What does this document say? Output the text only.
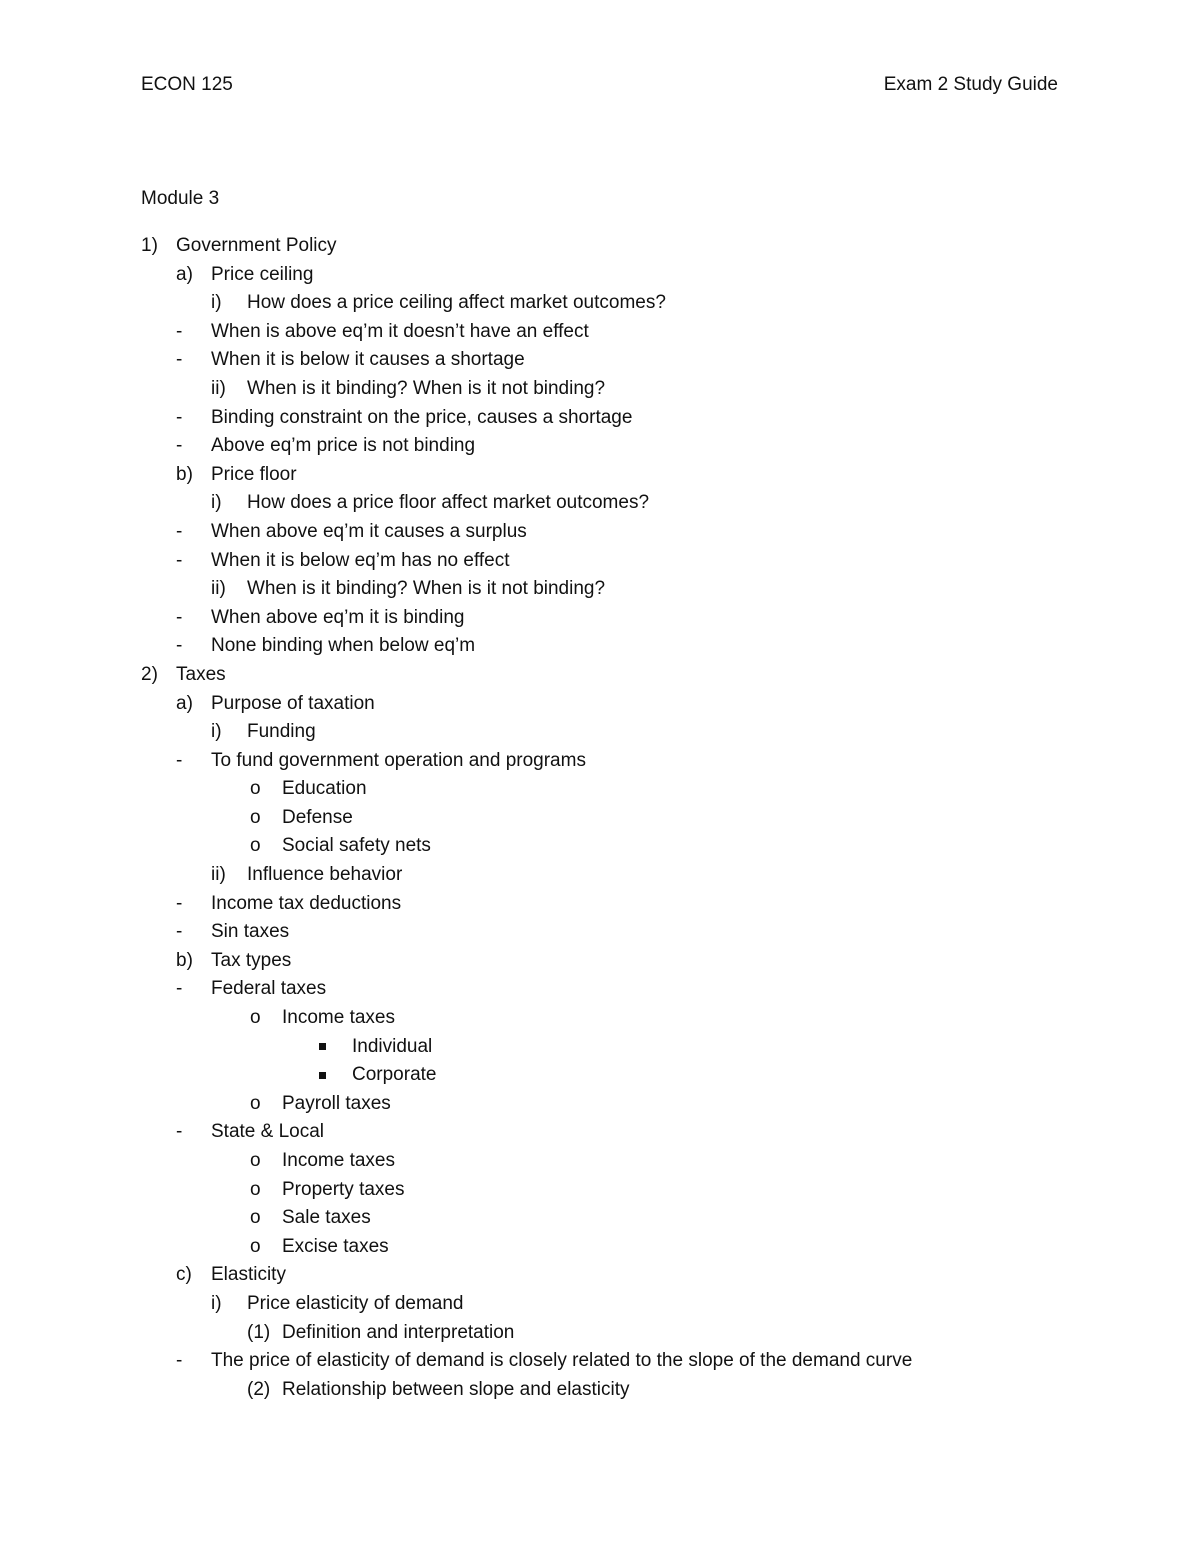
ECON 125	Exam 2 Study Guide
Module 3
1) Government Policy
a) Price ceiling
i) How does a price ceiling affect market outcomes?
- When is above eq’m it doesn’t have an effect
- When it is below it causes a shortage
ii) When is it binding? When is it not binding?
- Binding constraint on the price, causes a shortage
- Above eq’m price is not binding
b) Price floor
i) How does a price floor affect market outcomes?
- When above eq’m it causes a surplus
- When it is below eq’m has no effect
ii) When is it binding? When is it not binding?
- When above eq’m it is binding
- None binding when below eq’m
2) Taxes
a) Purpose of taxation
i) Funding
- To fund government operation and programs
o Education
o Defense
o Social safety nets
ii) Influence behavior
- Income tax deductions
- Sin taxes
b) Tax types
- Federal taxes
o Income taxes
Individual
Corporate
o Payroll taxes
- State & Local
o Income taxes
o Property taxes
o Sale taxes
o Excise taxes
c) Elasticity
i) Price elasticity of demand
(1) Definition and interpretation
- The price of elasticity of demand is closely related to the slope of the demand curve
(2) Relationship between slope and elasticity
